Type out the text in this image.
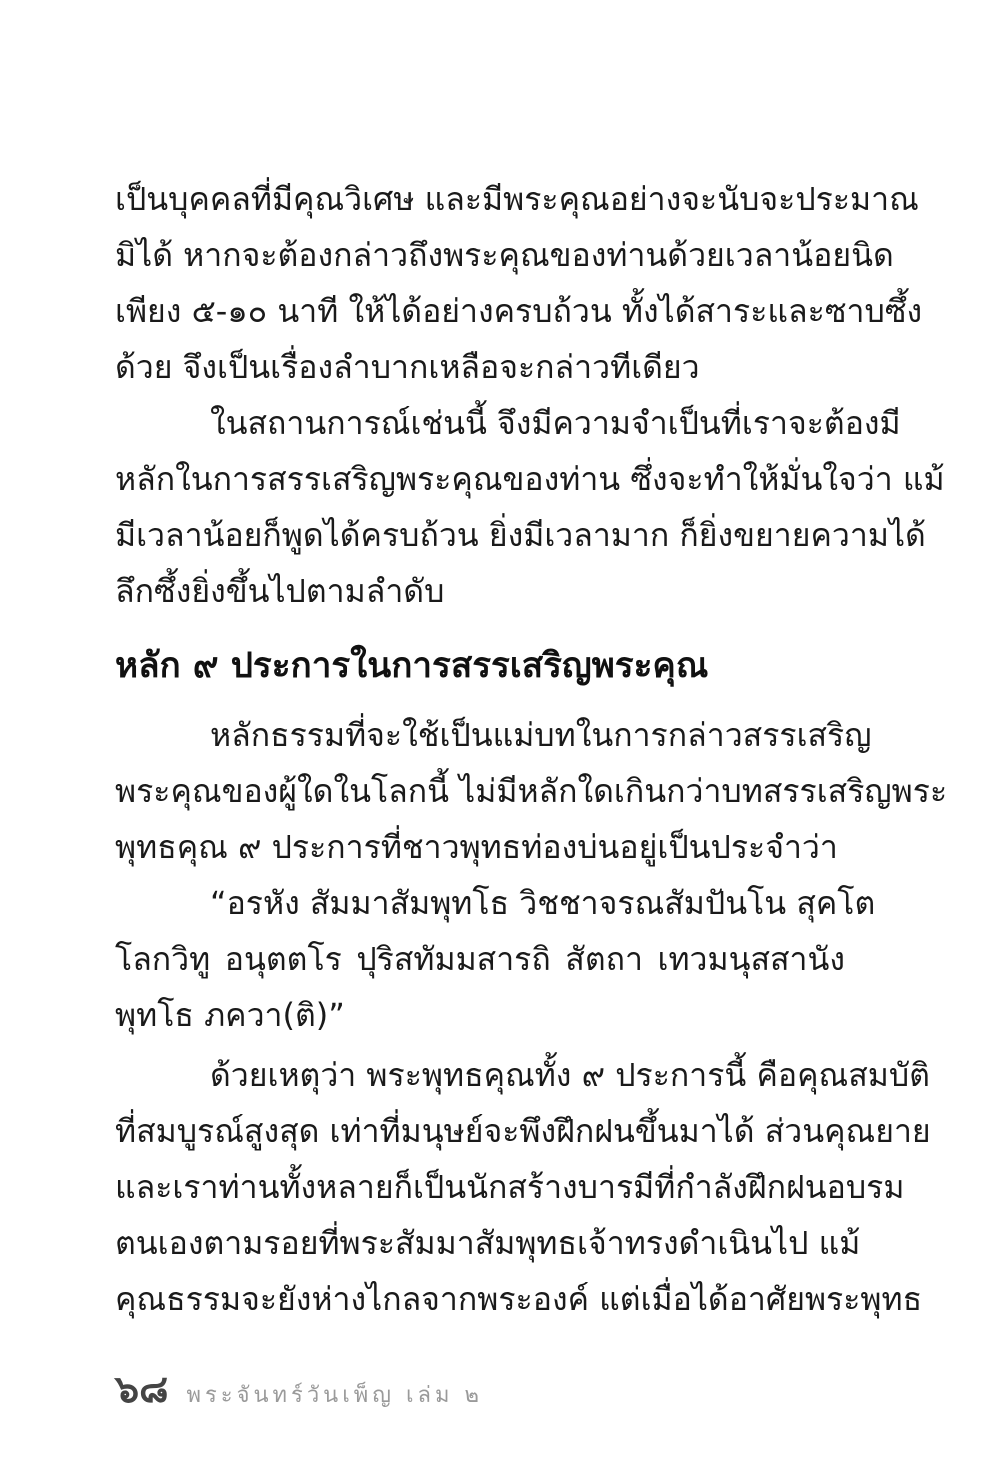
เป็นบุคคลที่มีคุณวิเศษ และมีพระคุณอย่างจะนับจะประมาณ
มิได้ หากจะต้องกล่าวถึงพระคุณของท่านด้วยเวลาน้อยนิด
เพียง ๕-๑๐ นาที ให้ได้อย่างครบถ้วน ทั้งได้สาระและซาบซึ้ง
ด้วย จึงเป็นเรื่องลำบากเหลือจะกล่าวทีเดียว
ในสถานการณ์เช่นนี้ จึงมีความจำเป็นที่เราจะต้องมี
หลักในการสรรเสริญพระคุณของท่าน ซึ่งจะทำให้มั่นใจว่า แม้
มีเวลาน้อยก็พูดได้ครบถ้วน ยิ่งมีเวลามาก ก็ยิ่งขยายความได้
ลึกซึ้งยิ่งขึ้นไปตามลำดับ
หลัก ๙ ประการในการสรรเสริญพระคุณ
หลักธรรมที่จะใช้เป็นแม่บทในการกล่าวสรรเสริญ
พระคุณของผู้ใดในโลกนี้ ไม่มีหลักใดเกินกว่าบทสรรเสริญพระ
พุทธคุณ ๙ ประการที่ชาวพุทธท่องบ่นอยู่เป็นประจำว่า
“อรหัง สัมมาสัมพุทโธ วิชชาจรณสัมปันโน สุคโต
โลกวิทู อนุตตโร ปุริสทัมมสารถิ สัตถา เทวมนุสสานัง
พุทโธ ภควา(ติ)”
ด้วยเหตุว่า พระพุทธคุณทั้ง ๙ ประการนี้ คือคุณสมบัติ
ที่สมบูรณ์สูงสุด เท่าที่มนุษย์จะพึงฝึกฝนขึ้นมาได้ ส่วนคุณยาย
และเราท่านทั้งหลายก็เป็นนักสร้างบารมีที่กำลังฝึกฝนอบรม
ตนเองตามรอยที่พระสัมมาสัมพุทธเจ้าทรงดำเนินไป แม้
คุณธรรมจะยังห่างไกลจากพระองค์ แต่เมื่อได้อาศัยพระพุทธ
๖๘ พระจันทร์วันเพ็ญ เล่ม ๒
